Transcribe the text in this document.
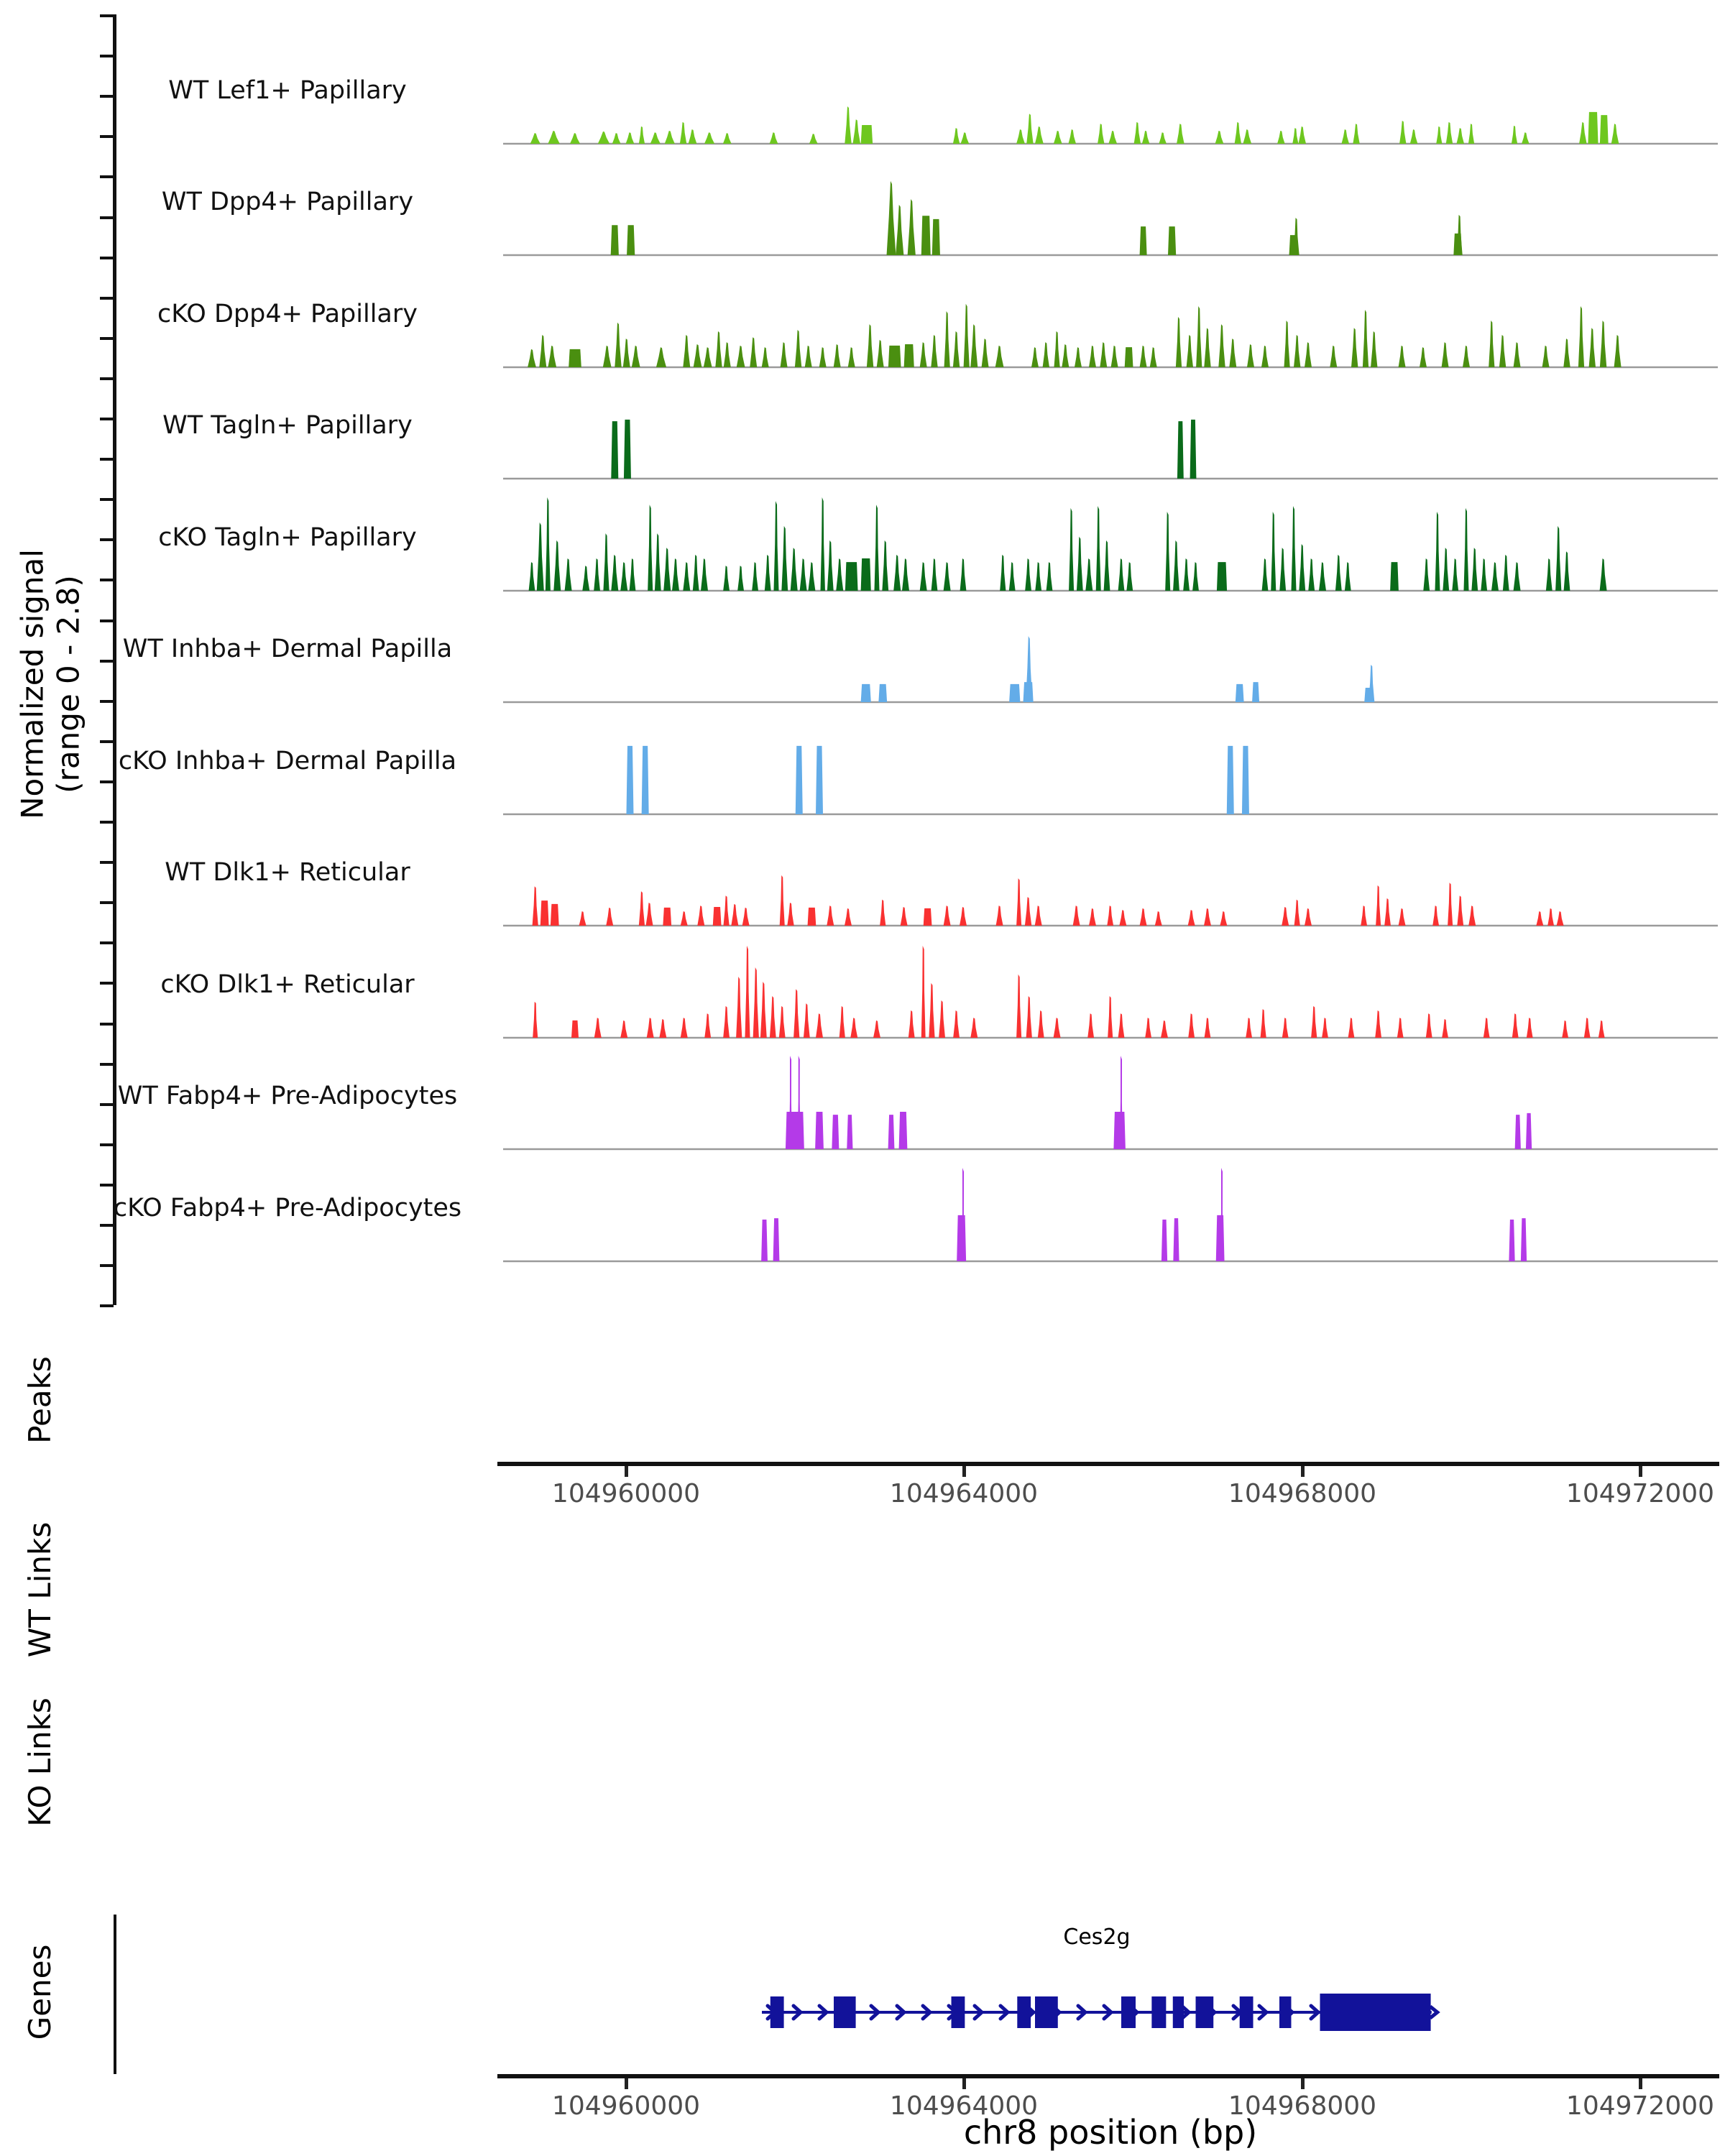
Normalized signal (range 0 - 2.8)
Peaks
WT Links
KO Links
Genes
WT Lef1+ Papillary
WT Dpp4+ Papillary
cKO Dpp4+ Papillary
WT Tagln+ Papillary
cKO Tagln+ Papillary
WT Inhba+ Dermal Papilla
cKO Inhba+ Dermal Papilla
WT Dlk1+ Reticular
cKO Dlk1+ Reticular
WT Fabp4+ Pre-Adipocytes
cKO Fabp4+ Pre-Adipocytes
104960000	104964000	104968000	104972000
Ces2g
104960000	104964000	104968000	104972000
chr8 position (bp)
